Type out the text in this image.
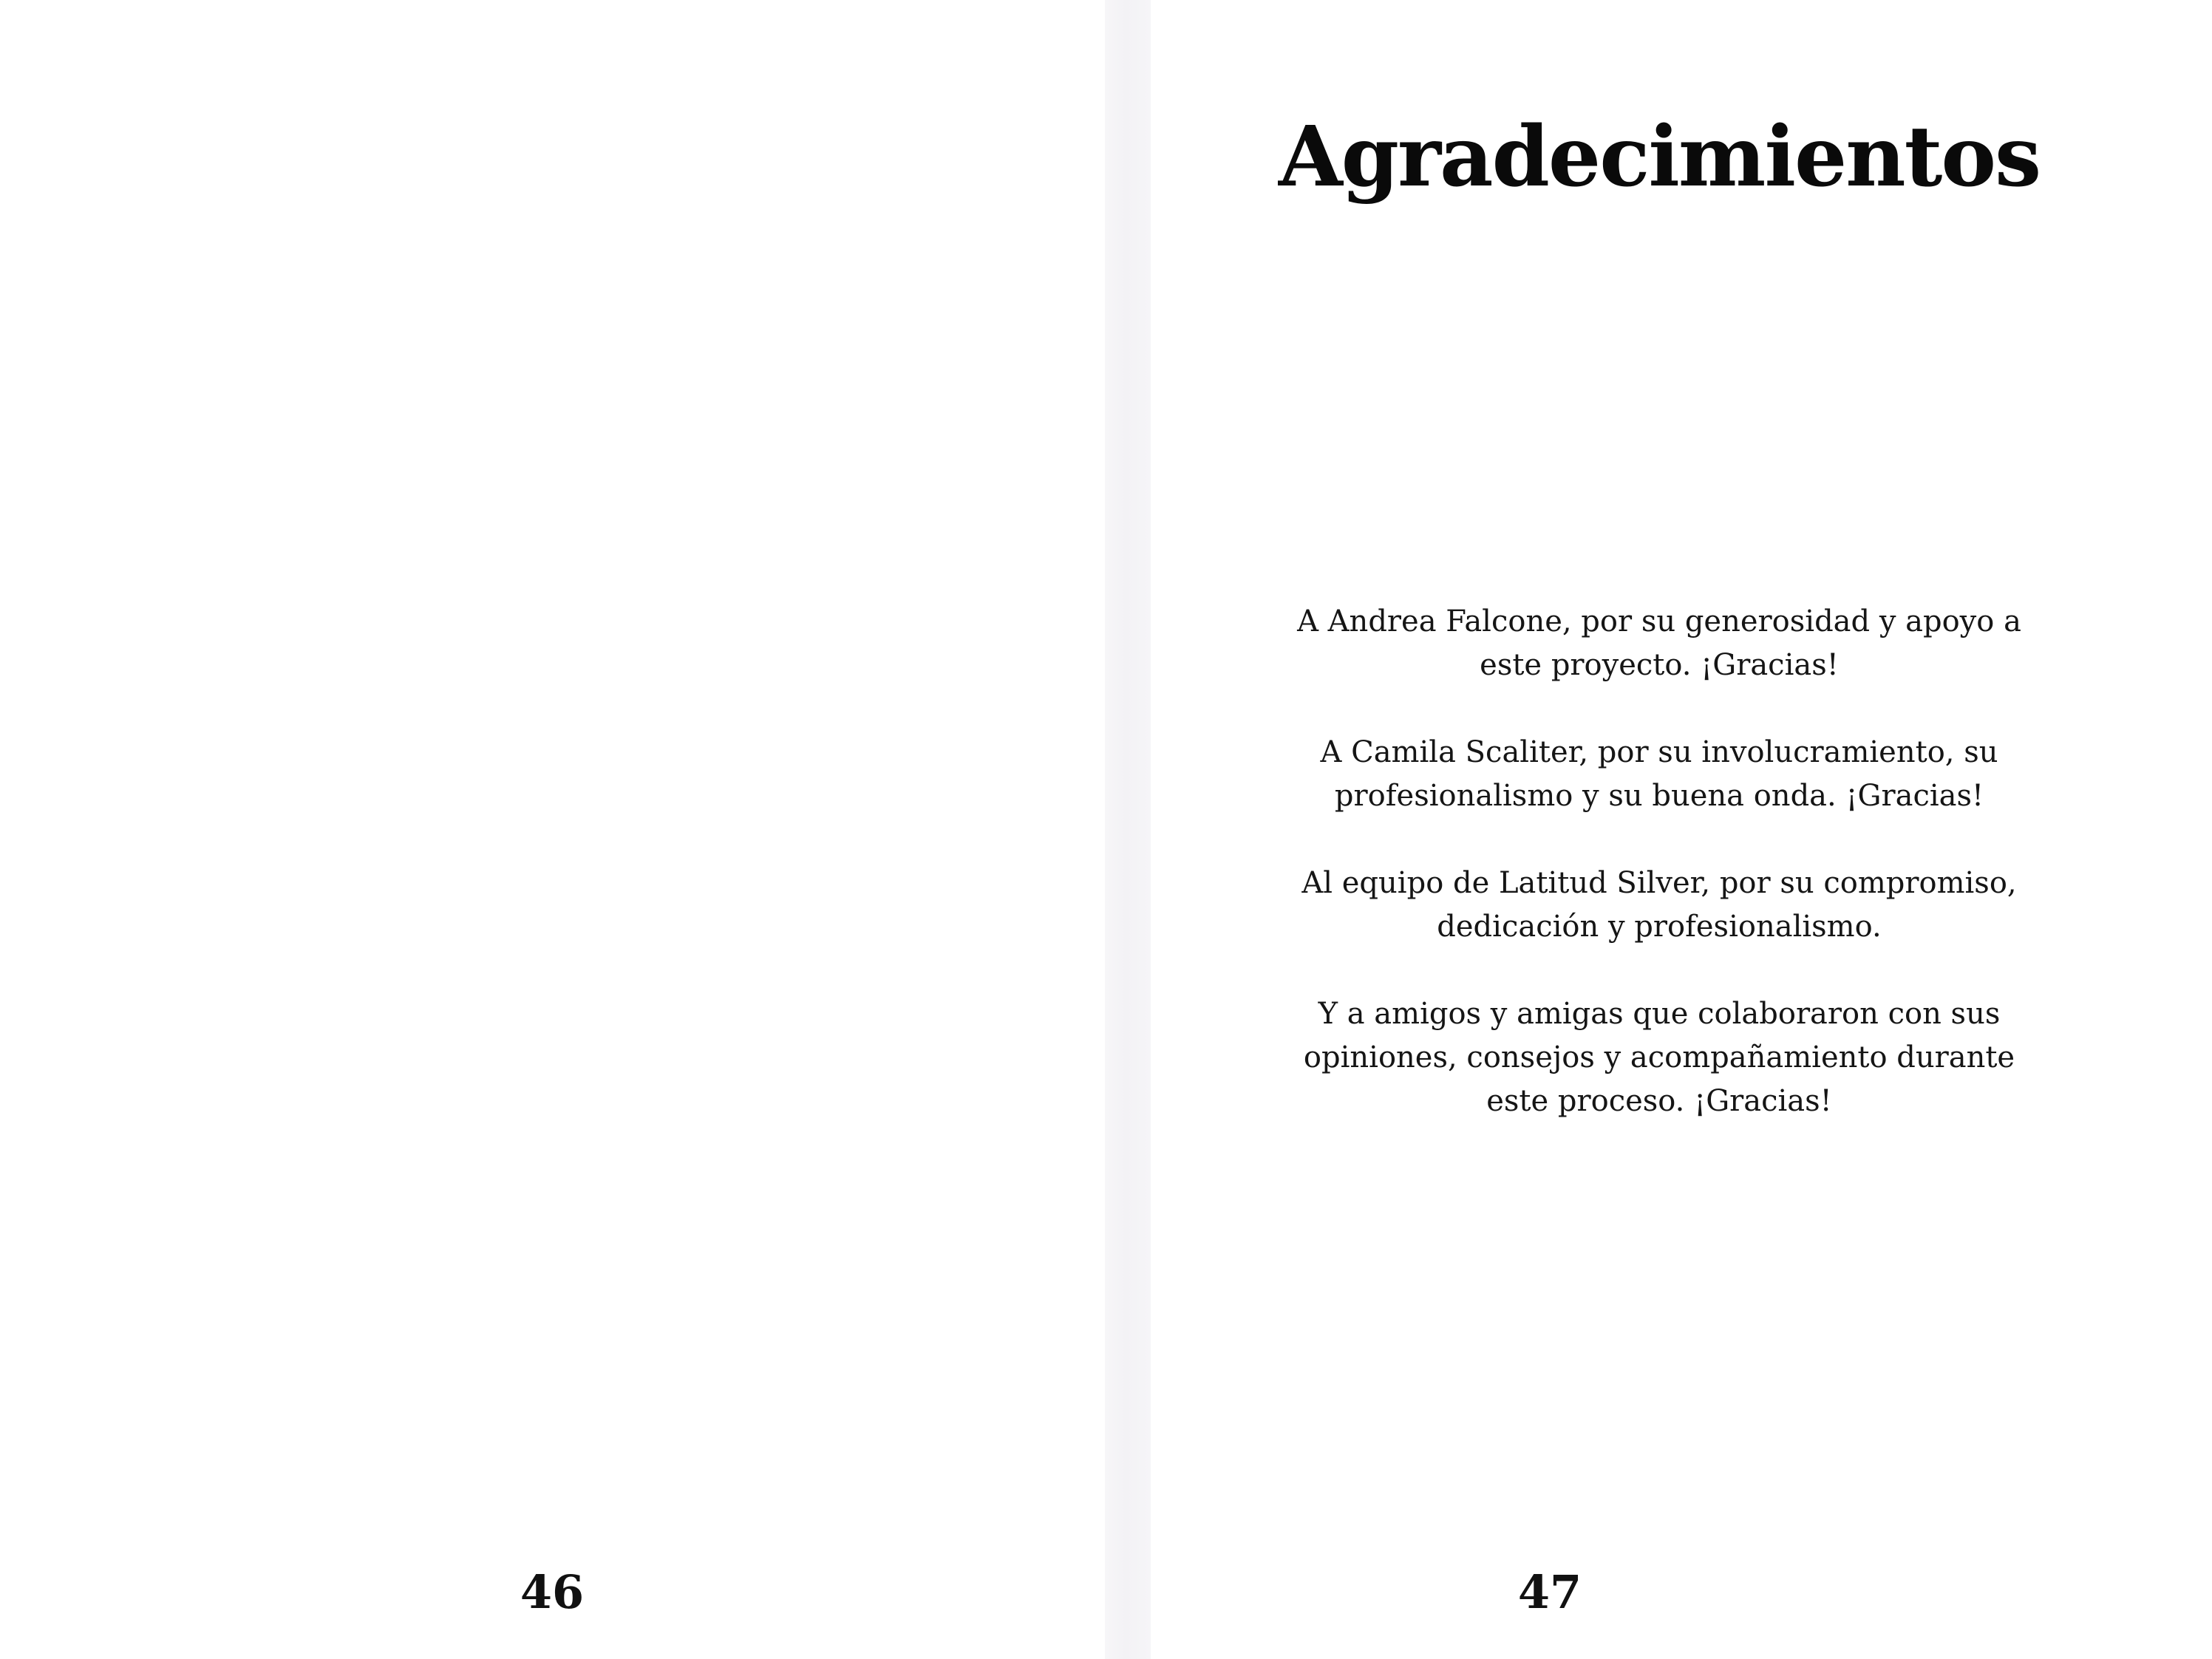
46
Agradecimientos

A Andrea Falcone, por su generosidad y apoyo a este proyecto. ¡Gracias!

A Camila Scaliter, por su involucramiento, su profesionalismo y su buena onda. ¡Gracias!

Al equipo de Latitud Silver, por su compromiso, dedicación y profesionalismo.

Y a amigos y amigas que colaboraron con sus opiniones, consejos y acompañamiento durante este proceso. ¡Gracias!

47
